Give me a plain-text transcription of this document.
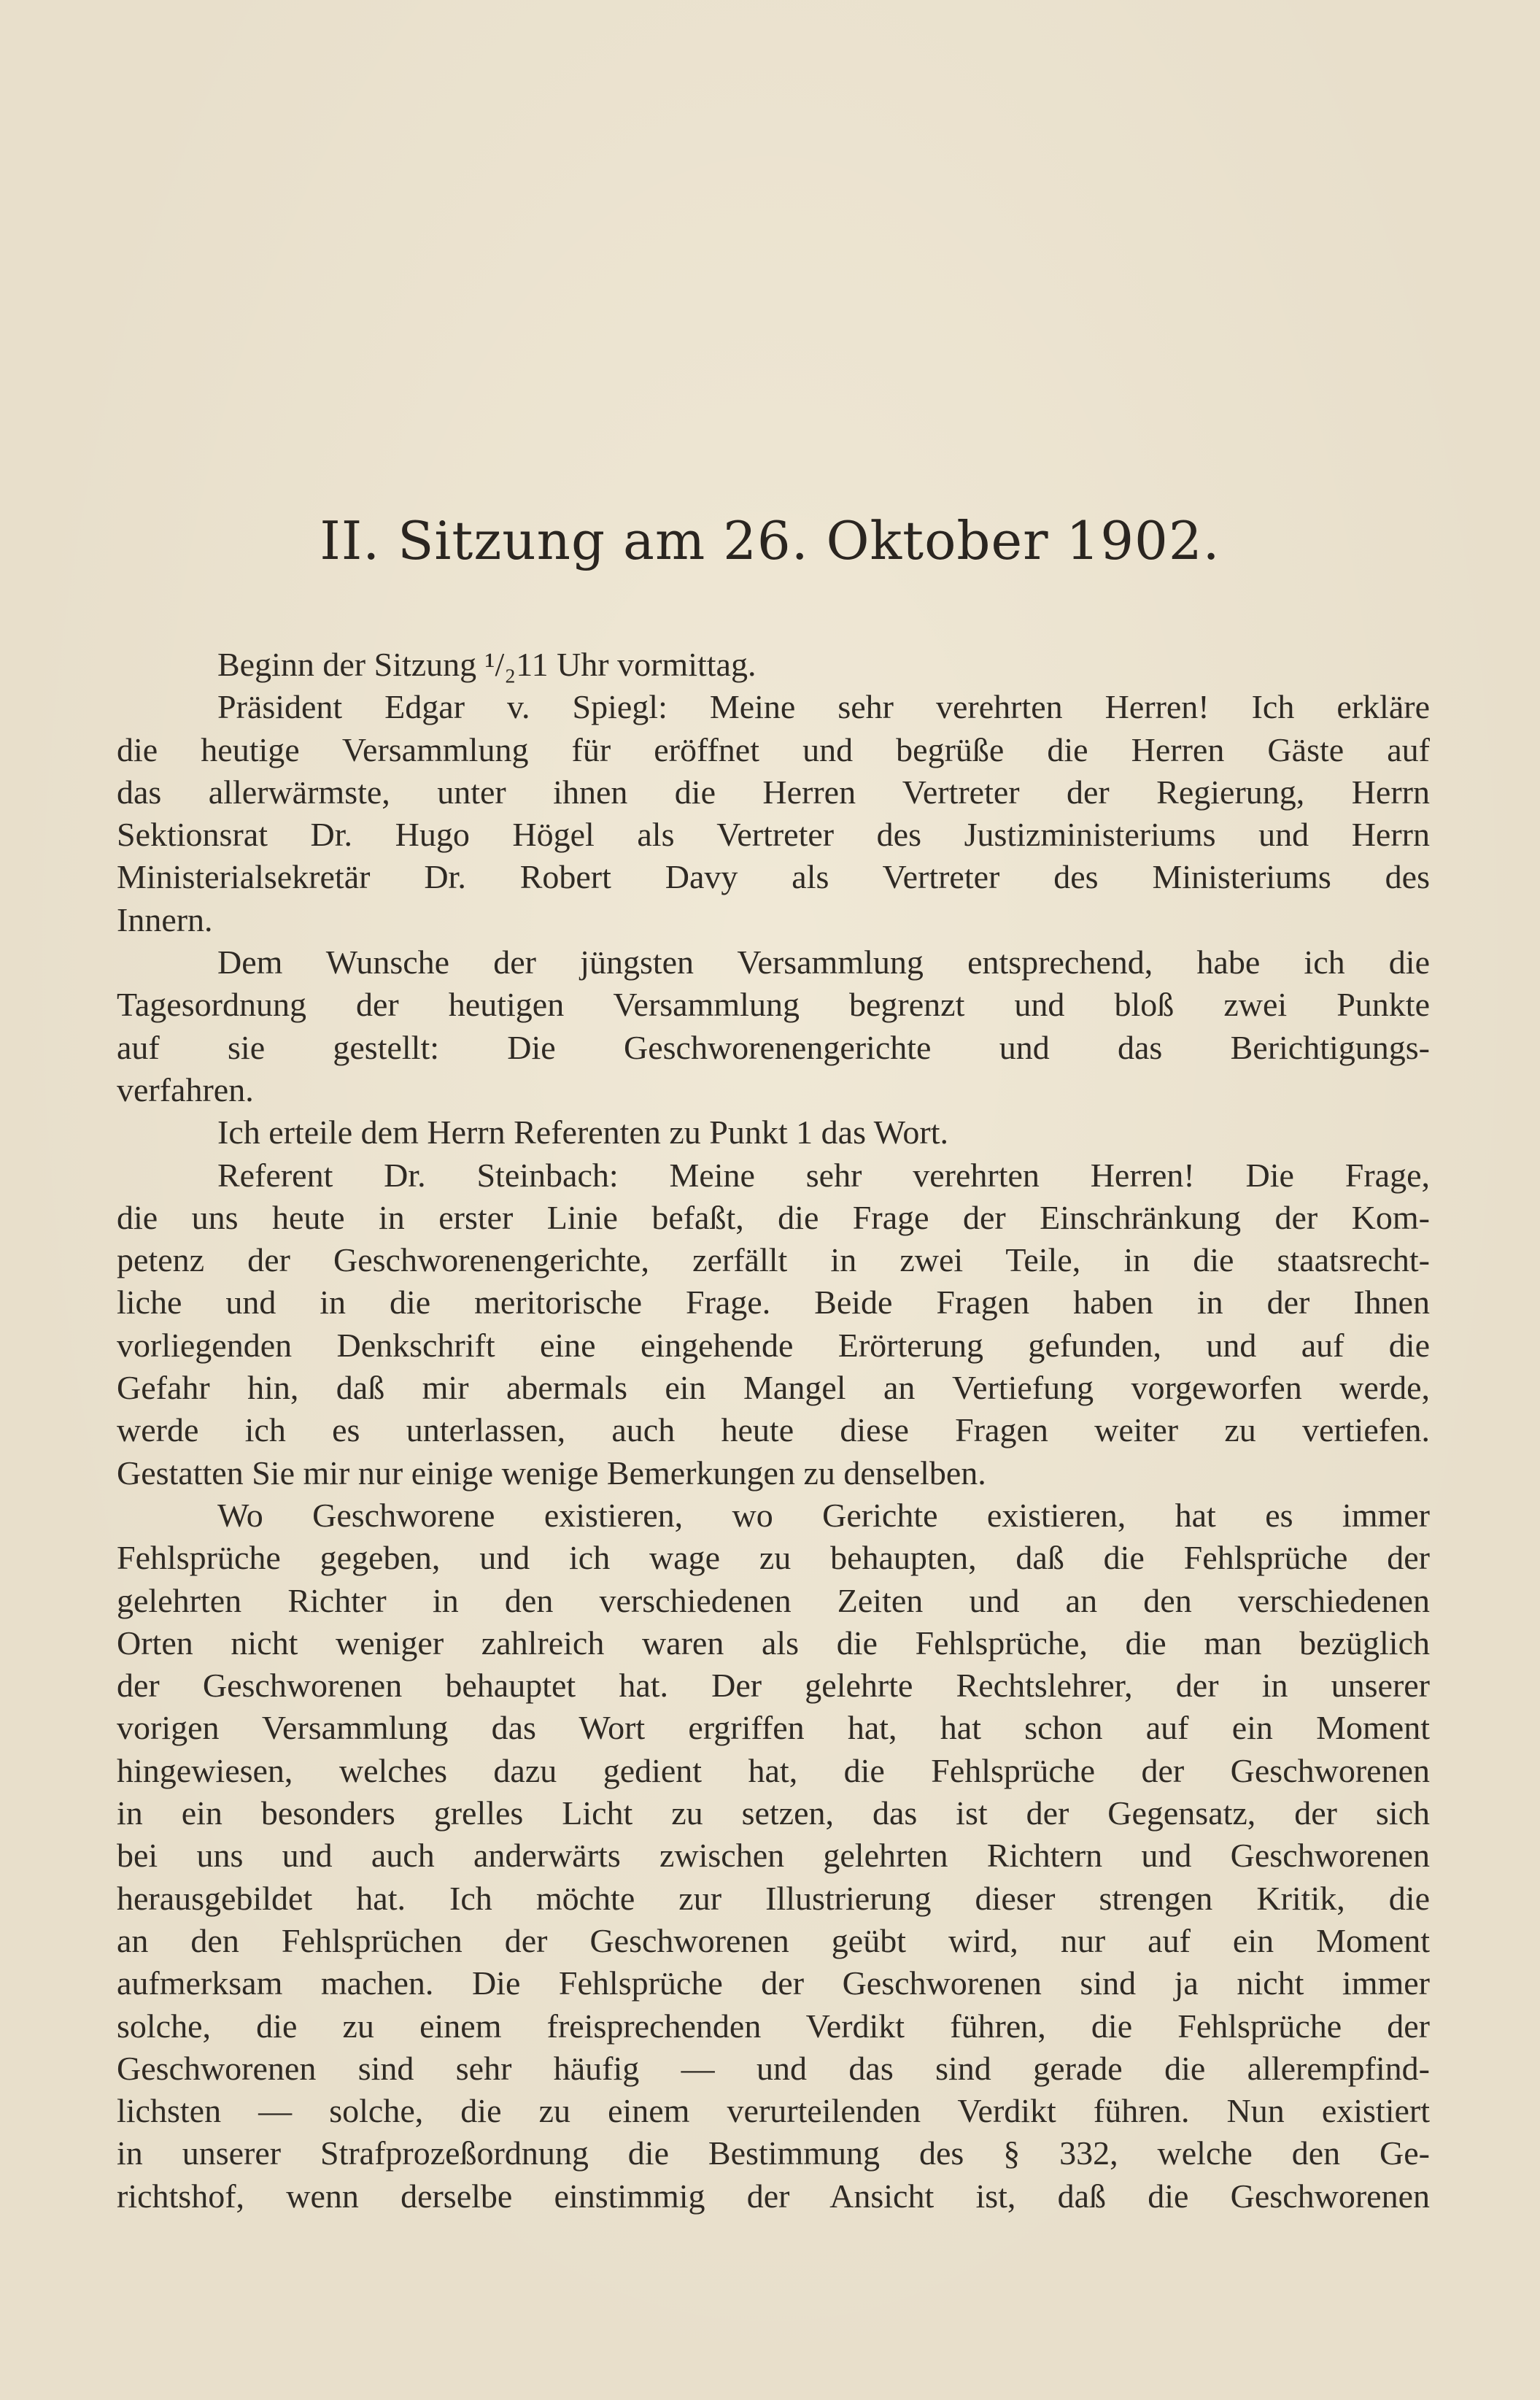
II. Sitzung am 26. Oktober 1902.
Beginn der Sitzung ¹/₂11 Uhr vormittag.
Präsident Edgar v. Spiegl: Meine sehr verehrten Herren! Ich erkläre
die heutige Versammlung für eröffnet und begrüße die Herren Gäste auf
das allerwärmste, unter ihnen die Herren Vertreter der Regierung, Herrn
Sektionsrat Dr. Hugo Högel als Vertreter des Justizministeriums und Herrn
Ministerialsekretär Dr. Robert Davy als Vertreter des Ministeriums des
Innern.
Dem Wunsche der jüngsten Versammlung entsprechend, habe ich die
Tagesordnung der heutigen Versammlung begrenzt und bloß zwei Punkte
auf sie gestellt: Die Geschworenengerichte und das Berichtigungs-
verfahren.
Ich erteile dem Herrn Referenten zu Punkt 1 das Wort.
Referent Dr. Steinbach: Meine sehr verehrten Herren! Die Frage,
die uns heute in erster Linie befaßt, die Frage der Einschränkung der Kom-
petenz der Geschworenengerichte, zerfällt in zwei Teile, in die staatsrecht-
liche und in die meritorische Frage. Beide Fragen haben in der Ihnen
vorliegenden Denkschrift eine eingehende Erörterung gefunden, und auf die
Gefahr hin, daß mir abermals ein Mangel an Vertiefung vorgeworfen werde,
werde ich es unterlassen, auch heute diese Fragen weiter zu vertiefen.
Gestatten Sie mir nur einige wenige Bemerkungen zu denselben.
Wo Geschworene existieren, wo Gerichte existieren, hat es immer
Fehlsprüche gegeben, und ich wage zu behaupten, daß die Fehlsprüche der
gelehrten Richter in den verschiedenen Zeiten und an den verschiedenen
Orten nicht weniger zahlreich waren als die Fehlsprüche, die man bezüglich
der Geschworenen behauptet hat. Der gelehrte Rechtslehrer, der in unserer
vorigen Versammlung das Wort ergriffen hat, hat schon auf ein Moment
hingewiesen, welches dazu gedient hat, die Fehlsprüche der Geschworenen
in ein besonders grelles Licht zu setzen, das ist der Gegensatz, der sich
bei uns und auch anderwärts zwischen gelehrten Richtern und Geschworenen
herausgebildet hat. Ich möchte zur Illustrierung dieser strengen Kritik, die
an den Fehlsprüchen der Geschworenen geübt wird, nur auf ein Moment
aufmerksam machen. Die Fehlsprüche der Geschworenen sind ja nicht immer
solche, die zu einem freisprechenden Verdikt führen, die Fehlsprüche der
Geschworenen sind sehr häufig — und das sind gerade die allerempfind-
lichsten — solche, die zu einem verurteilenden Verdikt führen. Nun existiert
in unserer Strafprozeßordnung die Bestimmung des § 332, welche den Ge-
richtshof, wenn derselbe einstimmig der Ansicht ist, daß die Geschworenen
